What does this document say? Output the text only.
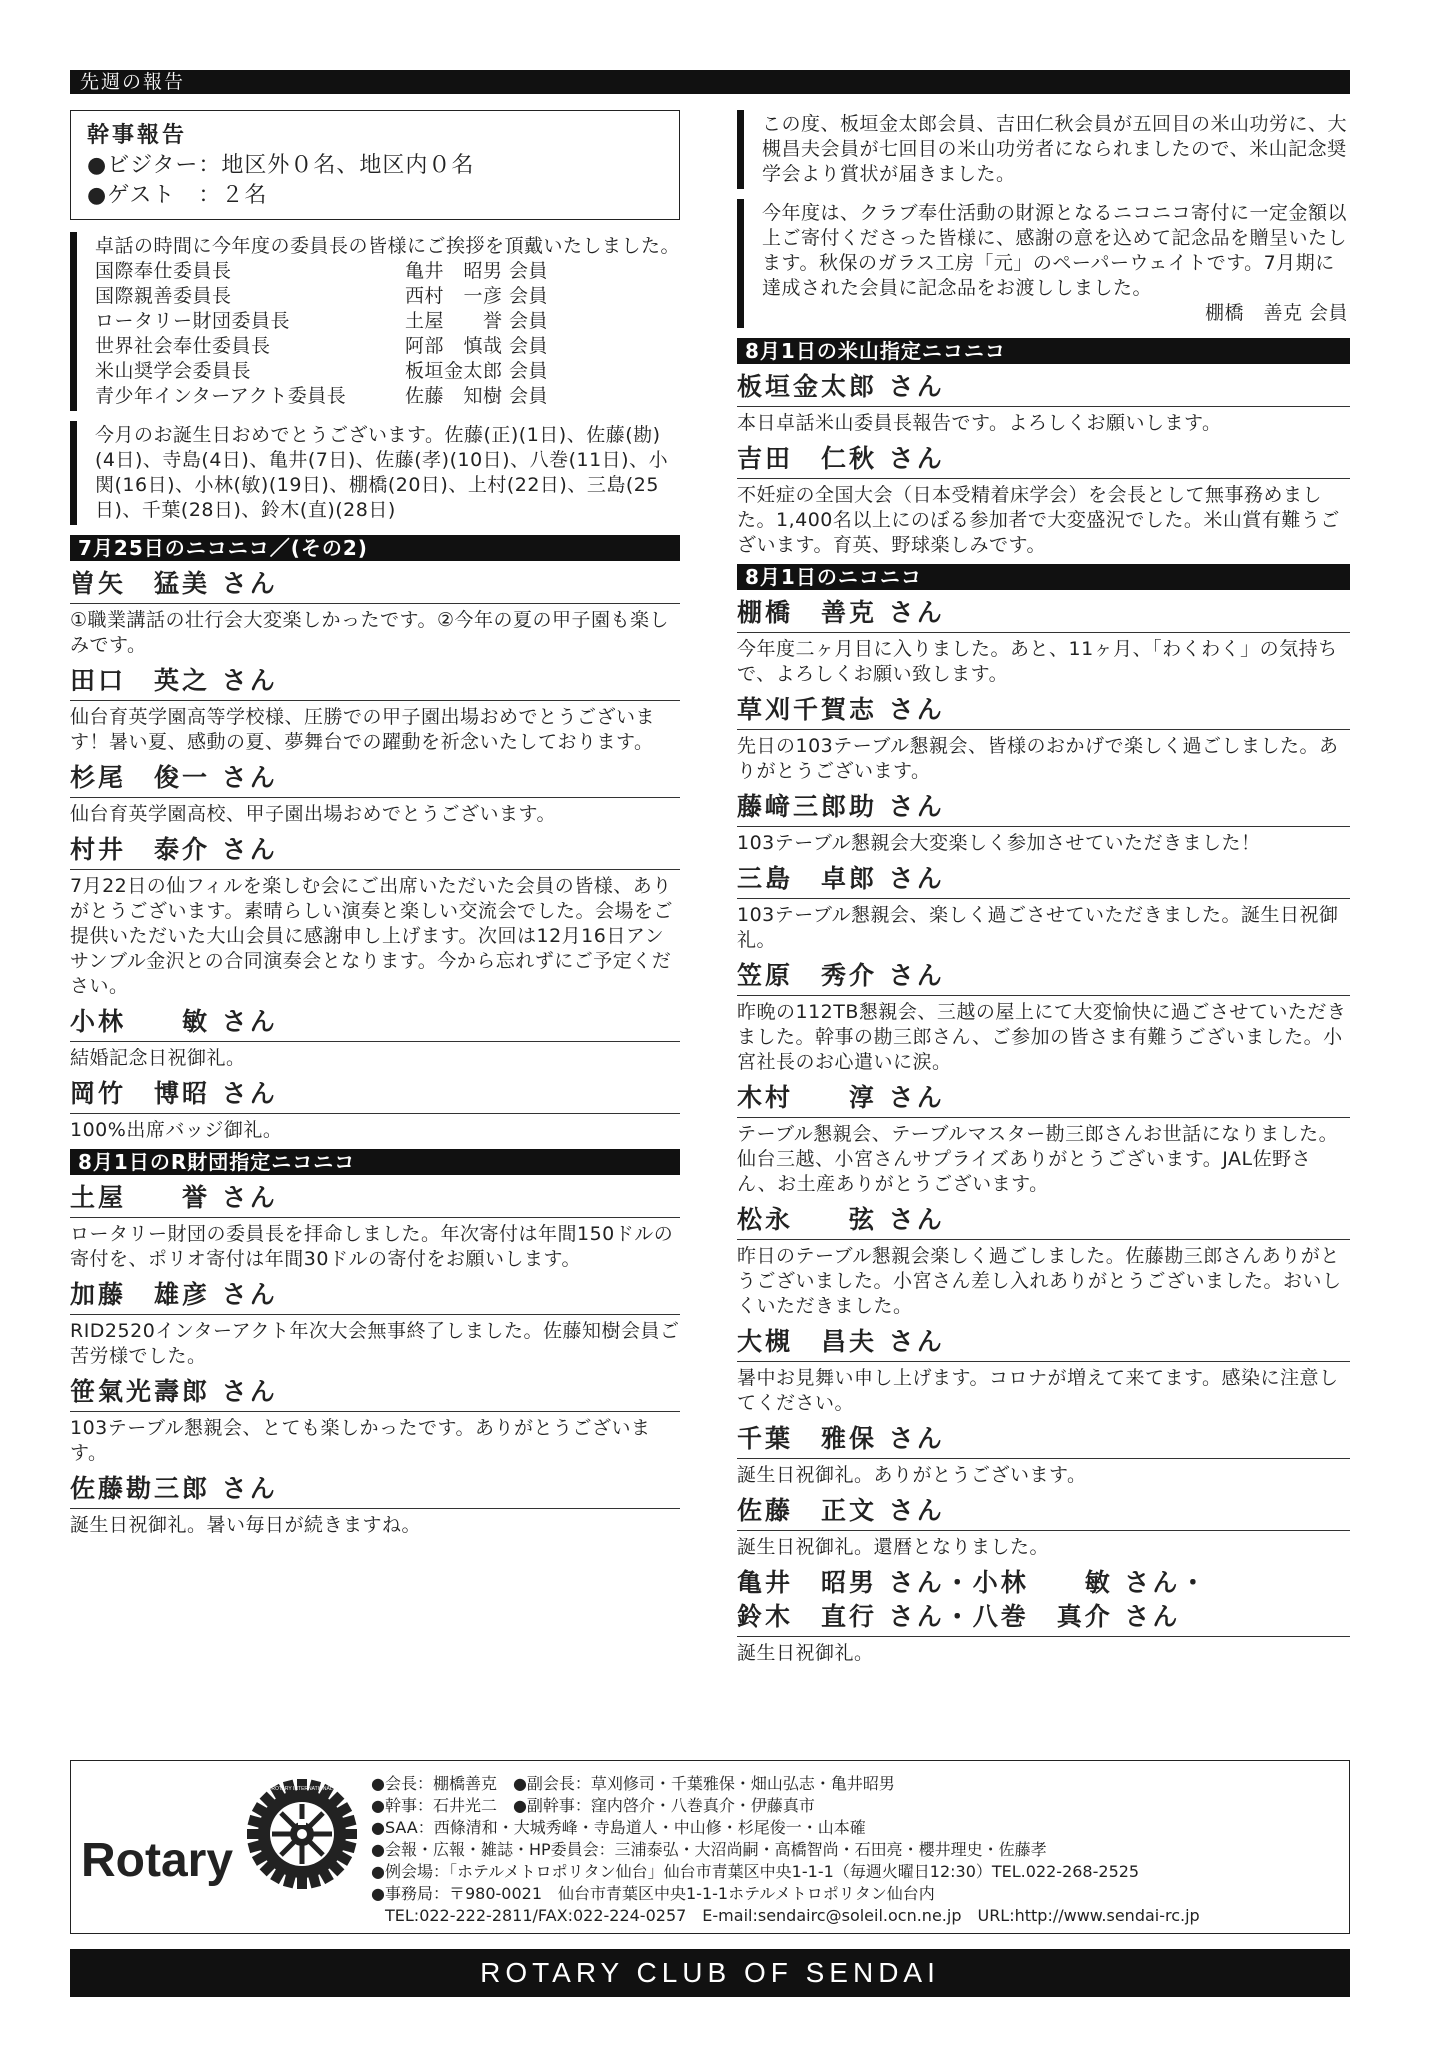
先週の報告
幹事報告
●ビジター：地区外０名、地区内０名
●ゲスト　：２名

卓話の時間に今年度の委員長の皆様にご挨拶を頂戴いたしました。

国際奉仕委員長	亀井　昭男 会員
国際親善委員長	西村　一彦 会員
ロータリー財団委員長	土屋　　誉 会員
世界社会奉仕委員長	阿部　慎哉 会員
米山奨学会委員長	板垣金太郎 会員
青少年インターアクト委員長	佐藤　知樹 会員

今月のお誕生日おめでとうございます。佐藤(正)(1日)、佐藤(勘)(4日)、寺島(4日)、亀井(7日)、佐藤(孝)(10日)、八巻(11日)、小関(16日)、小林(敏)(19日)、棚橋(20日)、上村(22日)、三島(25日)、千葉(28日)、鈴木(直)(28日)

7月25日のニコニコ／(その2)
曽矢　猛美 さん

①職業講話の壮行会大変楽しかったです。②今年の夏の甲子園も楽しみです。

田口　英之 さん

仙台育英学園高等学校様、圧勝での甲子園出場おめでとうございます！暑い夏、感動の夏、夢舞台での躍動を祈念いたしております。

杉尾　俊一 さん

仙台育英学園高校、甲子園出場おめでとうございます。

村井　泰介 さん

7月22日の仙フィルを楽しむ会にご出席いただいた会員の皆様、ありがとうございます。素晴らしい演奏と楽しい交流会でした。会場をご提供いただいた大山会員に感謝申し上げます。次回は12月16日アンサンブル金沢との合同演奏会となります。今から忘れずにご予定ください。

小林　　敏 さん

結婚記念日祝御礼。

岡竹　博昭 さん

100%出席バッジ御礼。

8月1日のR財団指定ニコニコ
土屋　　誉 さん

ロータリー財団の委員長を拝命しました。年次寄付は年間150ドルの寄付を、ポリオ寄付は年間30ドルの寄付をお願いします。

加藤　雄彦 さん

RID2520インターアクト年次大会無事終了しました。佐藤知樹会員ご苦労様でした。

笹氣光壽郎 さん

103テーブル懇親会、とても楽しかったです。ありがとうございます。

佐藤勘三郎 さん

誕生日祝御礼。暑い毎日が続きますね。

この度、板垣金太郎会員、吉田仁秋会員が五回目の米山功労に、大槻昌夫会員が七回目の米山功労者になられましたので、米山記念奨学会より賞状が届きました。

今年度は、クラブ奉仕活動の財源となるニコニコ寄付に一定金額以上ご寄付くださった皆様に、感謝の意を込めて記念品を贈呈いたします。秋保のガラス工房「元」のペーパーウェイトです。7月期に達成された会員に記念品をお渡ししました。

棚橋　善克 会員
8月1日の米山指定ニコニコ
板垣金太郎 さん

本日卓話米山委員長報告です。よろしくお願いします。

吉田　仁秋 さん

不妊症の全国大会（日本受精着床学会）を会長として無事務めました。1,400名以上にのぼる参加者で大変盛況でした。米山賞有難うございます。育英、野球楽しみです。

8月1日のニコニコ
棚橋　善克 さん

今年度二ヶ月目に入りました。あと、11ヶ月、「わくわく」の気持ちで、よろしくお願い致します。

草刈千賀志 さん

先日の103テーブル懇親会、皆様のおかげで楽しく過ごしました。ありがとうございます。

藤﨑三郎助 さん

103テーブル懇親会大変楽しく参加させていただきました！

三島　卓郎 さん

103テーブル懇親会、楽しく過ごさせていただきました。誕生日祝御礼。

笠原　秀介 さん

昨晩の112TB懇親会、三越の屋上にて大変愉快に過ごさせていただきました。幹事の勘三郎さん、ご参加の皆さま有難うございました。小宮社長のお心遣いに涙。

木村　　淳 さん

テーブル懇親会、テーブルマスター勘三郎さんお世話になりました。仙台三越、小宮さんサプライズありがとうございます。JAL佐野さん、お土産ありがとうございます。

松永　　弦 さん

昨日のテーブル懇親会楽しく過ごしました。佐藤勘三郎さんありがとうございました。小宮さん差し入れありがとうございました。おいしくいただきました。

大槻　昌夫 さん

暑中お見舞い申し上げます。コロナが増えて来てます。感染に注意してください。

千葉　雅保 さん

誕生日祝御礼。ありがとうございます。

佐藤　正文 さん

誕生日祝御礼。還暦となりました。

亀井　昭男 さん・小林　　敏 さん・
鈴木　直行 さん・八巻　真介 さん

誕生日祝御礼。

Rotary
ROTARY INTERNATIONAL ●会長：棚橋善克　●副会長：草刈修司・千葉雅保・畑山弘志・亀井昭男
●幹事：石井光二　●副幹事：窪内啓介・八巻真介・伊藤真市
●SAA：西條清和・大城秀峰・寺島道人・中山修・杉尾俊一・山本確
●会報・広報・雑誌・HP委員会：三浦泰弘・大沼尚嗣・高橋智尚・石田亮・櫻井理史・佐藤孝
●例会場：「ホテルメトロポリタン仙台」仙台市青葉区中央1-1-1（毎週火曜日12:30）TEL.022-268-2525
●事務局：〒980-0021　仙台市青葉区中央1-1-1ホテルメトロポリタン仙台内
TEL:022-222-2811/FAX:022-224-0257　E-mail:sendairc@soleil.ocn.ne.jp　URL:http://www.sendai-rc.jp
ROTARY CLUB OF SENDAI
